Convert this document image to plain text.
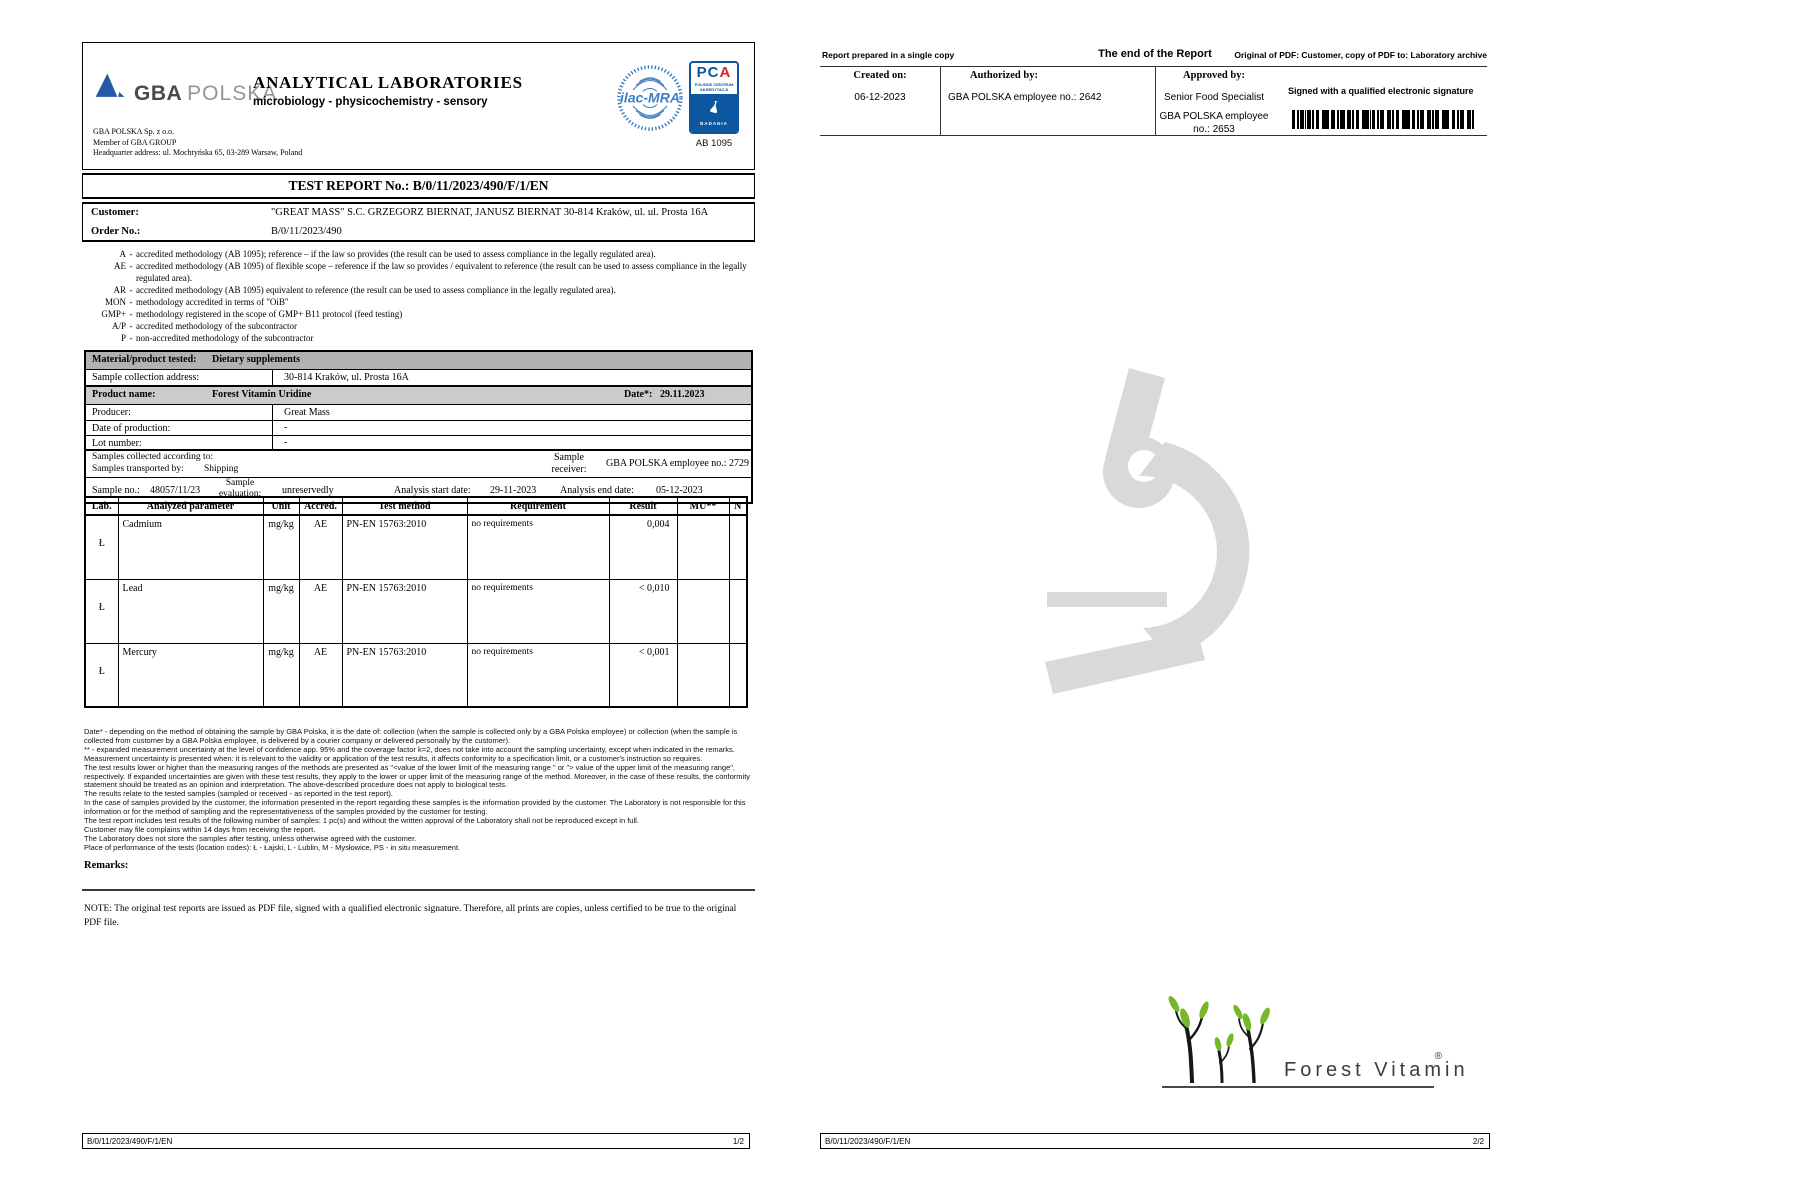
GBA POLSKA
ANALYTICAL LABORATORIES
microbiology - physicochemistry - sensory
GBA POLSKA Sp. z o.o.
Member of GBA GROUP
Headquarter address: ul. Mochtyńska 65, 03-289 Warsaw, Poland
ilac-MRA
PCA
POLSKIE CENTRUM AKREDYTACJI
BADANIA
AB 1095
TEST REPORT No.: B/0/11/2023/490/F/1/EN
Customer:	"GREAT MASS" S.C. GRZEGORZ BIERNAT, JANUSZ BIERNAT 30-814 Kraków, ul. ul. Prosta 16A
Order No.:	B/0/11/2023/490
A - accredited methodology (AB 1095); reference – if the law so provides (the result can be used to assess compliance in the legally regulated area).
AE - accredited methodology (AB 1095) of flexible scope – reference if the law so provides / equivalent to reference (the result can be used to assess compliance in the legally regulated area).
AR - accredited methodology (AB 1095) equivalent to reference (the result can be used to assess compliance in the legally regulated area).
MON - methodology accredited in terms of "OiB"
GMP+ - methodology registered in the scope of GMP+ B11 protocol (feed testing)
A/P - accredited methodology of the subcontractor
P - non-accredited methodology of the subcontractor
Material/product tested: Dietary supplements
Sample collection address:	30-814 Kraków, ul. Prosta 16A
Product name:	Forest Vitamin Uridine	Date*: 29.11.2023
Producer:	Great Mass
Date of production:	-
Lot number:	-
Samples collected according to:
Samples transported by: Shipping
Sample receiver:
GBA POLSKA employee no.: 2729
Sample no.: 48057/11/23
Sample evaluation:	unreservedly	Analysis start date: 29-11-2023 Analysis end date: 05-12-2023
Lab.	Analyzed parameter	Unit	Accred.	Test method	Requirement	Result	MU**	N
Ł	Cadmium	mg/kg	AE	PN-EN 15763:2010	no requirements	0,004		
Ł	Lead	mg/kg	AE	PN-EN 15763:2010	no requirements	< 0,010		
Ł	Mercury	mg/kg	AE	PN-EN 15763:2010	no requirements	< 0,001		
Date* - depending on the method of obtaining the sample by GBA Polska, it is the date of: collection (when the sample is collected only by a GBA Polska employee) or collection (when the sample is collected from customer by a GBA Polska employee, is delivered by a courier company or delivered personally by the customer).
** - expanded measurement uncertainty at the level of confidence app. 95% and the coverage factor k=2, does not take into account the sampling uncertainty, except when indicated in the remarks.
Measurement uncertainty is presented when: it is relevant to the validity or application of the test results, it affects conformity to a specification limit, or a customer's instruction so requires.
The test results lower or higher than the measuring ranges of the methods are presented as "<value of the lower limit of the measuring range " or "> value of the upper limit of the measuring range", respectively. If expanded uncertainties are given with these test results, they apply to the lower or upper limit of the measuring range of the method. Moreover, in the case of these results, the conformity statement should be treated as an opinion and interpretation. The above-described procedure does not apply to biological tests.
The results relate to the tested samples (sampled or received - as reported in the test report).
In the case of samples provided by the customer, the information presented in the report regarding these samples is the information provided by the customer. The Laboratory is not responsible for this information or for the method of sampling and the representativeness of the samples provided by the customer for testing.
The test report includes test results of the following number of samples: 1 pc(s) and without the written approval of the Laboratory shall not be reproduced except in full.
Customer may file complains within 14 days from receiving the report.
The Laboratory does not store the samples after testing, unless otherwise agreed with the customer.
Place of performance of the tests (location codes): Ł - Łajski, L - Lublin, M - Mysłowice, PS - in situ measurement.
Remarks:
NOTE: The original test reports are issued as PDF file, signed with a qualified electronic signature. Therefore, all prints are copies, unless certified to be true to the original PDF file.
B/0/11/2023/490/F/1/EN	1/2
Report prepared in a single copy	The end of the Report	Original of PDF: Customer, copy of PDF to: Laboratory archive
Created on:
06-12-2023
Authorized by:
GBA POLSKA employee no.: 2642
Approved by:
Senior Food Specialist
GBA POLSKA employee
no.: 2653
Signed with a qualified electronic signature
Forest Vitamin
®
B/0/11/2023/490/F/1/EN	2/2
